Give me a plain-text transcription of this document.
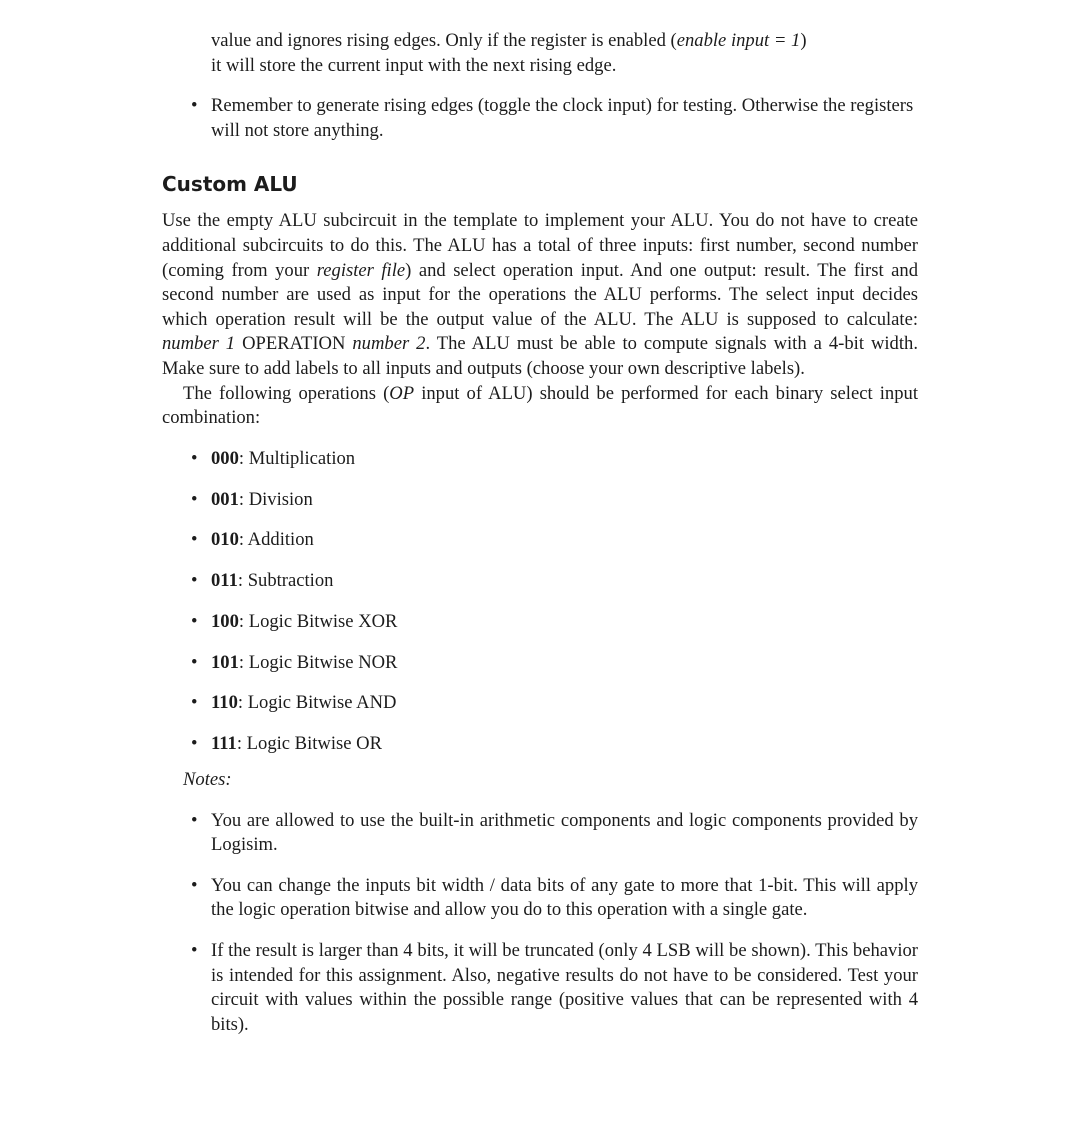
value and ignores rising edges. Only if the register is enabled (enable input = 1)
it will store the current input with the next rising edge.
• Remember to generate rising edges (toggle the clock input) for testing. Otherwise the registers will not store anything.
Custom ALU
Use the empty ALU subcircuit in the template to implement your ALU. You do not have to create additional subcircuits to do this. The ALU has a total of three inputs: first number, second number (coming from your register file) and select operation input. And one output: result. The first and second number are used as input for the operations the ALU performs. The select input decides which operation result will be the output value of the ALU. The ALU is supposed to calculate: number 1 OPERATION number 2. The ALU must be able to compute signals with a 4-bit width. Make sure to add labels to all inputs and outputs (choose your own descriptive labels).
The following operations (OP input of ALU) should be performed for each binary select input combination:
• 000: Multiplication
• 001: Division
• 010: Addition
• 011: Subtraction
• 100: Logic Bitwise XOR
• 101: Logic Bitwise NOR
• 110: Logic Bitwise AND
• 111: Logic Bitwise OR
Notes:
• You are allowed to use the built-in arithmetic components and logic components provided by Logisim.
• You can change the inputs bit width / data bits of any gate to more that 1-bit. This will apply the logic operation bitwise and allow you do to this operation with a single gate.
• If the result is larger than 4 bits, it will be truncated (only 4 LSB will be shown). This behavior is intended for this assignment. Also, negative results do not have to be considered. Test your circuit with values within the possible range (positive values that can be represented with 4 bits).
